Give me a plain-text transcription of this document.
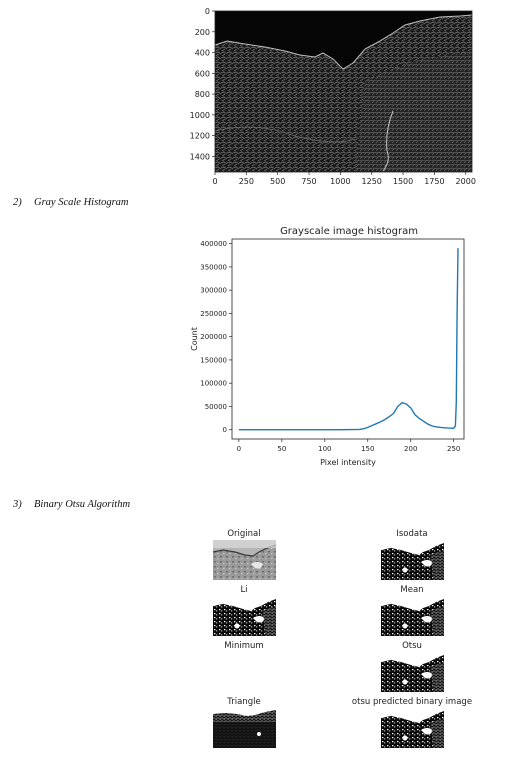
0
200
400
600
800
1000
1200
1400
0	250 500 750 1000 1250 1500 1750 2000
2) Gray Scale Histogram
Grayscale image histogram
0
50000
100000
150000
200000
250000
300000
350000
400000
0	50	100	150	200	250
Pixel intensity
Count
3) Binary Otsu Algorithm
Original	Isodata
Li	Mean
Minimum	Otsu
Triangle	otsu predicted binary image
